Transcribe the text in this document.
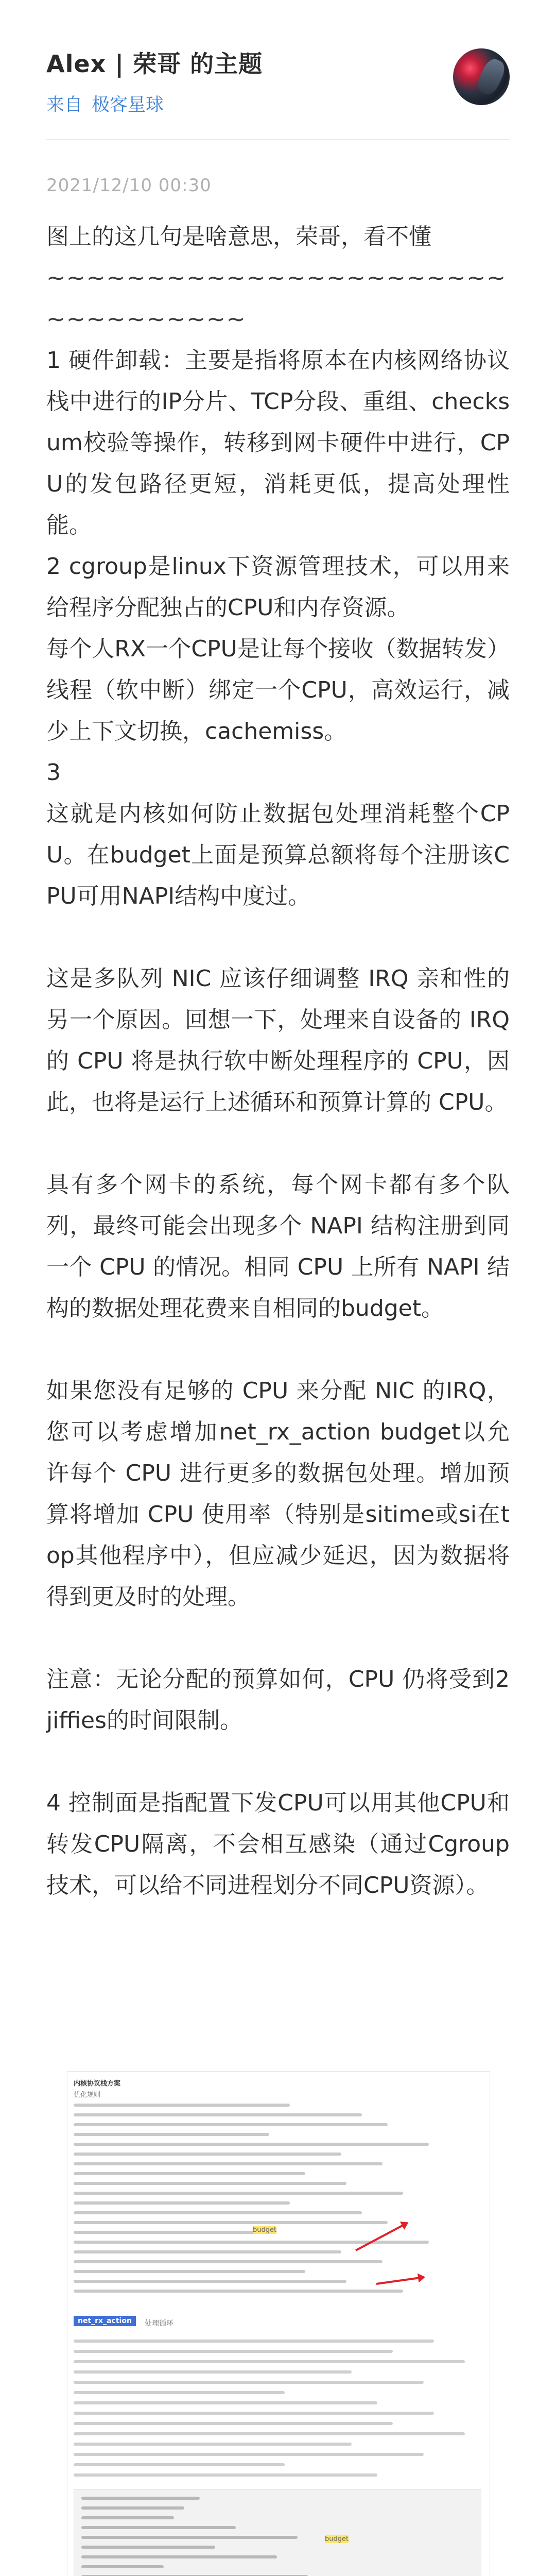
Alex | 荣哥 的主题
来自 极客星球
2021/12/10 00:30

图上的这几句是啥意思，荣哥，看不懂

~~~~~~~~~~~~~~~~~~~~~~~~~~~~~~~~~

1 硬件卸载：主要是指将原本在内核网络协议栈中进行的IP分片、TCP分段、重组、checksum校验等操作，转移到网卡硬件中进行，CPU的发包路径更短，消耗更低，提高处理性能。

2 cgroup是linux下资源管理技术，可以用来给程序分配独占的CPU和内存资源。

每个人RX一个CPU是让每个接收（数据转发）线程（软中断）绑定一个CPU，高效运行，减少上下文切换，cachemiss。

3

这就是内核如何防止数据包处理消耗整个CPU。在budget上面是预算总额将每个注册该CPU可用NAPI结构中度过。

这是多队列 NIC 应该仔细调整 IRQ 亲和性的另一个原因。回想一下，处理来自设备的 IRQ 的 CPU 将是执行软中断处理程序的 CPU，因此，也将是运行上述循环和预算计算的 CPU。

具有多个网卡的系统，每个网卡都有多个队列，最终可能会出现多个 NAPI 结构注册到同一个 CPU 的情况。相同 CPU 上所有 NAPI 结构的数据处理花费来自相同的budget。

如果您没有足够的 CPU 来分配 NIC 的IRQ，您可以考虑增加net_rx_action budget以允许每个 CPU 进行更多的数据包处理。增加预算将增加 CPU 使用率（特别是sitime或si在top其他程序中），但应减少延迟，因为数据将得到更及时的处理。

注意：无论分配的预算如何，CPU 仍将受到2 jiffies的时间限制。

4 控制面是指配置下发CPU可以用其他CPU和转发CPU隔离，不会相互感染（通过Cgroup技术，可以给不同进程划分不同CPU资源）。

内核协议栈方案
优化规则
net_rx_action	处理循环
budget
budget
